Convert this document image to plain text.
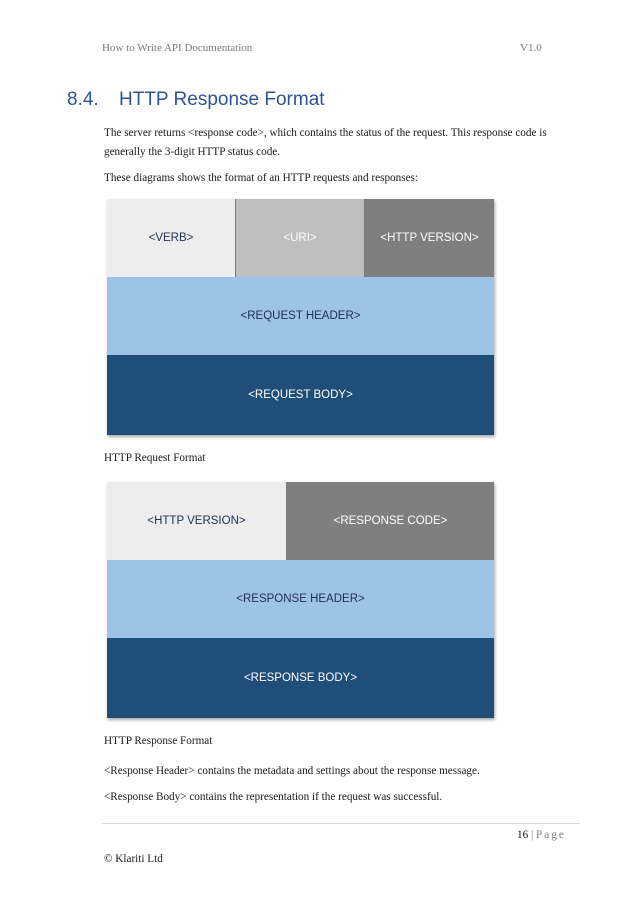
How to Write API Documentation	V1.0
8.4. HTTP Response Format
The server returns <response code>, which contains the status of the request. This response code is generally the 3-digit HTTP status code.
These diagrams shows the format of an HTTP requests and responses:
<VERB>	<URI>	<HTTP VERSION>
<REQUEST HEADER>
<REQUEST BODY>
HTTP Request Format
<HTTP VERSION>	<RESPONSE CODE>
<RESPONSE HEADER>
<RESPONSE BODY>
HTTP Response Format
<Response Header> contains the metadata and settings about the response message.
<Response Body> contains the representation if the request was successful.
16 | Page
© Klariti Ltd
